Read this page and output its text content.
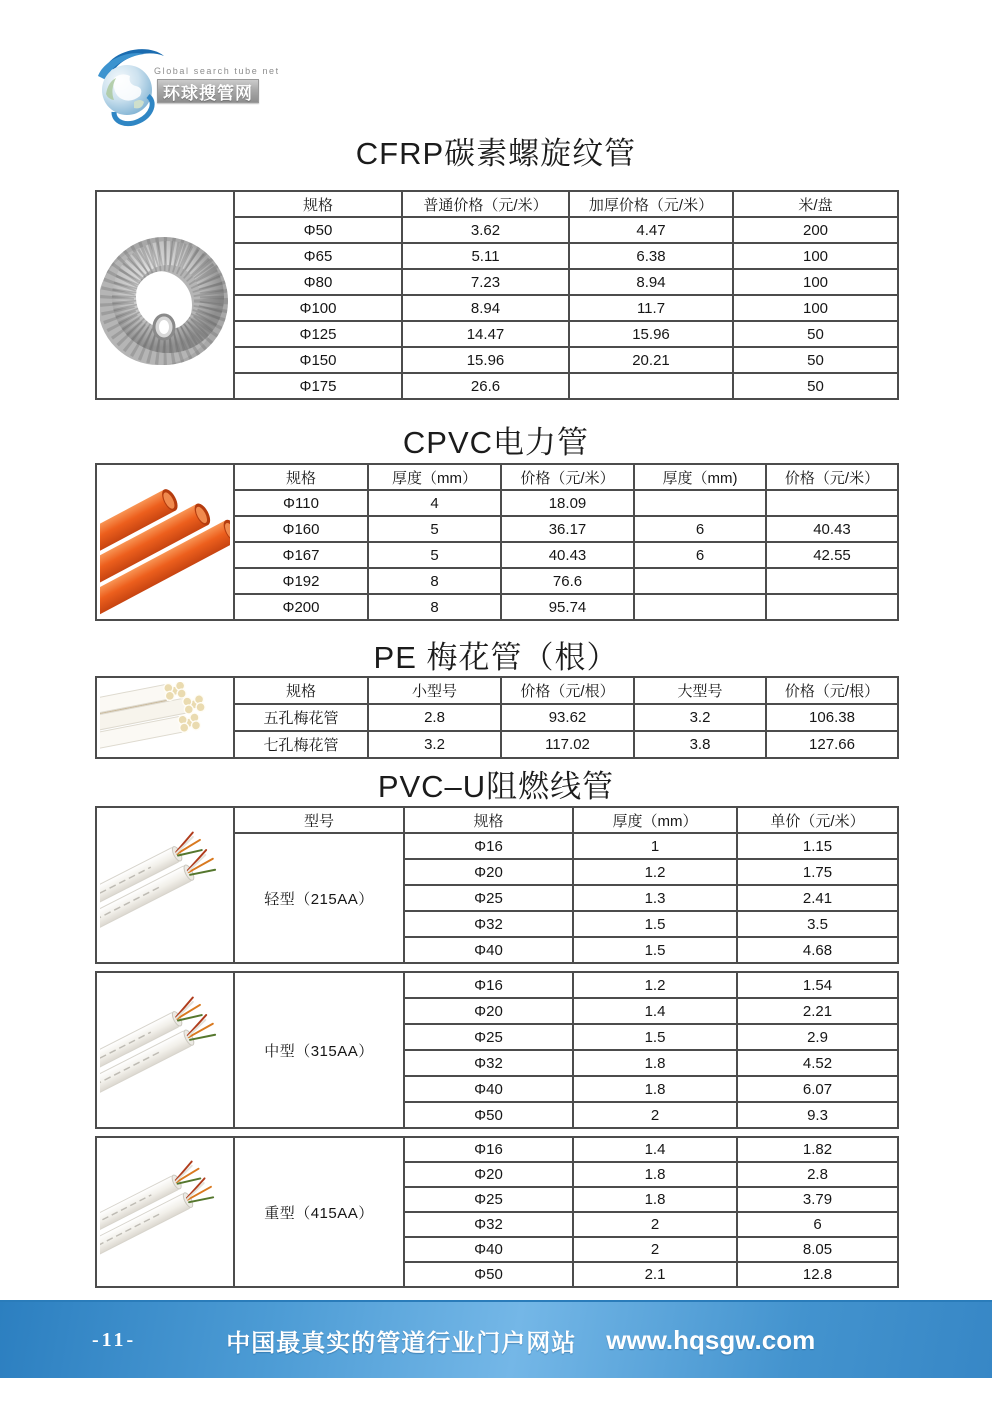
Global search tube net
环球搜管网
CFRP碳素螺旋纹管
CPVC电力管
PE 梅花管（根）
PVC–U阻燃线管
	规格	普通价格（元/米）	加厚价格（元/米）	米/盘
	Φ50	3.62	4.47	200
	Φ65	5.11	6.38	100
	Φ80	7.23	8.94	100
	Φ100	8.94	11.7	100
	Φ125	14.47	15.96	50
	Φ150	15.96	20.21	50
	Φ175	26.6		50
	规格	厚度（mm）	价格（元/米）	厚度（mm)	价格（元/米）
	Φ110	4	18.09		
	Φ160	5	36.17	6	40.43
	Φ167	5	40.43	6	42.55
	Φ192	8	76.6		
	Φ200	8	95.74		
	规格	小型号	价格（元/根）	大型号	价格（元/根）
	五孔梅花管	2.8	93.62	3.2	106.38
	七孔梅花管	3.2	117.02	3.8	127.66
	型号	规格	厚度（mm）	单价（元/米）
	轻型（215AA）	Φ16	1	1.15
		Φ20	1.2	1.75
		Φ25	1.3	2.41
		Φ32	1.5	3.5
		Φ40	1.5	4.68
	中型（315AA）	Φ16	1.2	1.54
		Φ20	1.4	2.21
		Φ25	1.5	2.9
		Φ32	1.8	4.52
		Φ40	1.8	6.07
		Φ50	2	9.3
	重型（415AA）	Φ16	1.4	1.82
		Φ20	1.8	2.8
		Φ25	1.8	3.79
		Φ32	2	6
		Φ40	2	8.05
		Φ50	2.1	12.8
-11-	中国最真实的管道行业门户网站 www.hqsgw.com
